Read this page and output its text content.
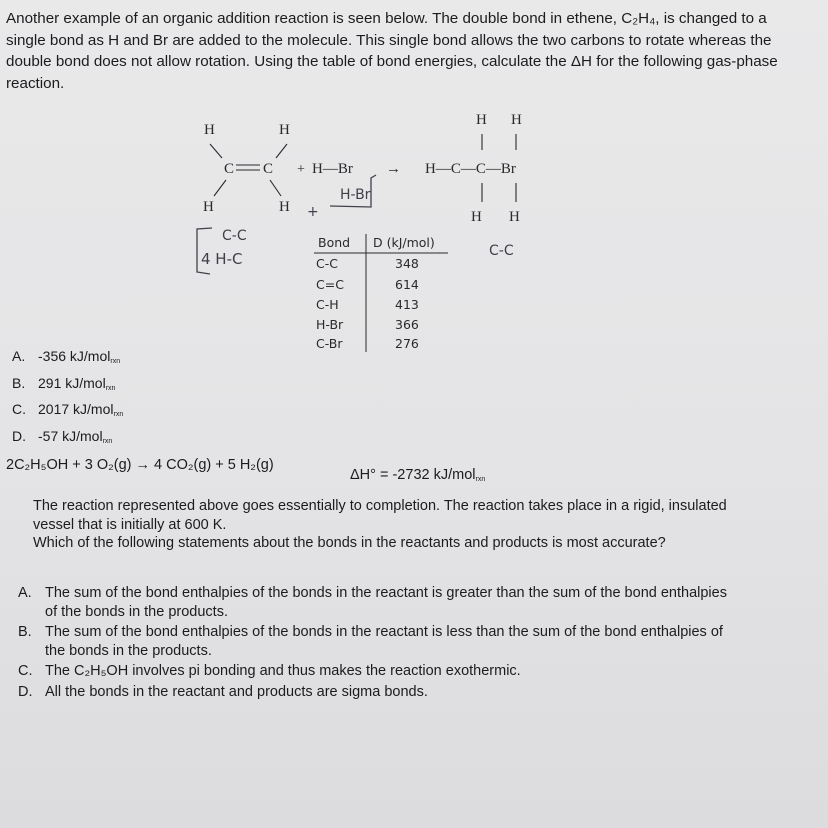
Another example of an organic addition reaction is seen below. The double bond in ethene, C₂H₄, is changed to a
single bond as H and Br are added to the molecule. This single bond allows the two carbons to rotate whereas the
double bond does not allow rotation. Using the table of bond energies, calculate the ΔH for the following gas-phase
reaction.
H	H
C C
H	H
+ H—Br →
H H
H—C—C—Br
H H
H-Br
+
C-C
4 H-C	C-C
Bond D (kJ/mol)
C-C	348
C=C	614
C-H	413
H-Br	366
C-Br	276
A. -356 kJ/mol$_{rxn}$
B. 291 kJ/mol$_{rxn}$
C. 2017 kJ/mol$_{rxn}$
D. -57 kJ/mol$_{rxn}$
2C₂H₅OH + 3 O₂(g) → 4 CO₂(g) + 5 H₂(g)
ΔH° = -2732 kJ/mol$_{rxn}$

The reaction represented above goes essentially to completion. The reaction takes place in a rigid, insulated

vessel that is initially at 600 K.

Which of the following statements about the bonds in the reactants and products is most accurate?

A. The sum of the bond enthalpies of the bonds in the reactant is greater than the sum of the bond enthalpies
of the bonds in the products.
B. The sum of the bond enthalpies of the bonds in the reactant is less than the sum of the bond enthalpies of
the bonds in the products.
C. The C₂H₅OH involves pi bonding and thus makes the reaction exothermic.
D. All the bonds in the reactant and products are sigma bonds.
